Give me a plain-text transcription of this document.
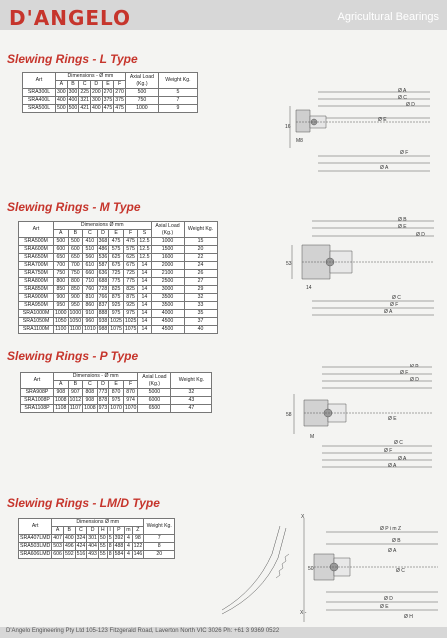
D'ANGELO	Agricultural Bearings
Slewing Rings - L Type
Art	Dimensions - Ø mm						Axial Load
(Kg.)	Weight Kg.
	A	B	C	D	E	F		
SRA300L	300	300	225	200	270	270	500	5
SRA400L	400	400	321	300	375	375	750	7
SRA500L	500	500	421	400	475	475	1000	9
Ø A
Ø C
Ø D
Ø E
Ø F
Ø A
16
M8
Slewing Rings - M Type
Art	Dimensions Ø mm							Axial Load
(Kg.)	Weight Kg.
	A	B	C	D	E	F	S		
SRA500M	500	500	410	368	475	475	12.5	1000	15
SRA600M	600	600	510	486	575	575	12.5	1500	20
SRA650M	650	650	560	536	625	625	12.5	1600	22
SRA700M	700	700	610	587	675	675	14	2000	24
SRA750M	750	750	660	636	725	725	14	2100	26
SRA800M	800	800	710	688	775	775	14	2500	27
SRA850M	850	850	760	728	825	825	14	3000	29
SRA900M	900	900	810	766	875	875	14	3500	32
SRA950M	950	950	860	837	925	925	14	3500	33
SRA1000M	1000	1000	910	888	975	975	14	4000	35
SRA1050M	1050	1050	960	938	1025	1025	14	4500	37
SRA1100M	1100	1100	1010	988	1075	1075	14	4500	40
Ø B
Ø E
Ø D
Ø C
Ø F
Ø A
53
14
Slewing Rings - P Type
Art	Dimensions - Ø mm						Axial Load
(Kg.)	Weight Kg.
	A	B	C	D	E	F		
SRA908P	908	907	808	773	870	870	5000	32
SRA1008P	1008	1012	908	878	975	974	6000	43
SRA1108P	1108	1107	1008	973	1070	1070	6500	47
Ø B
Ø F
Ø D
Ø E
Ø C
Ø F
Ø A
Ø A
58
M
Slewing Rings - LM/D Type
Art	Dimensions Ø mm									Weight Kg.
	A	B	C	D	H	I	P	m	Z	
SRA407LMD	407	400	324	301	50	5	392	4	98	7
SRA503LMD	503	496	424	404	55	8	488	4	122	8
SRA606LMD	606	592	516	493	55	8	584	4	146	20
X
Ø P i m Z
Ø B
Ø A
Ø C
Ø D
Ø E
X -
50
Ø H
D'Angelo Engineering Pty Ltd 105-123 Fitzgerald Road, Laverton North VIC 3026 Ph: +61 3 9369 0522
